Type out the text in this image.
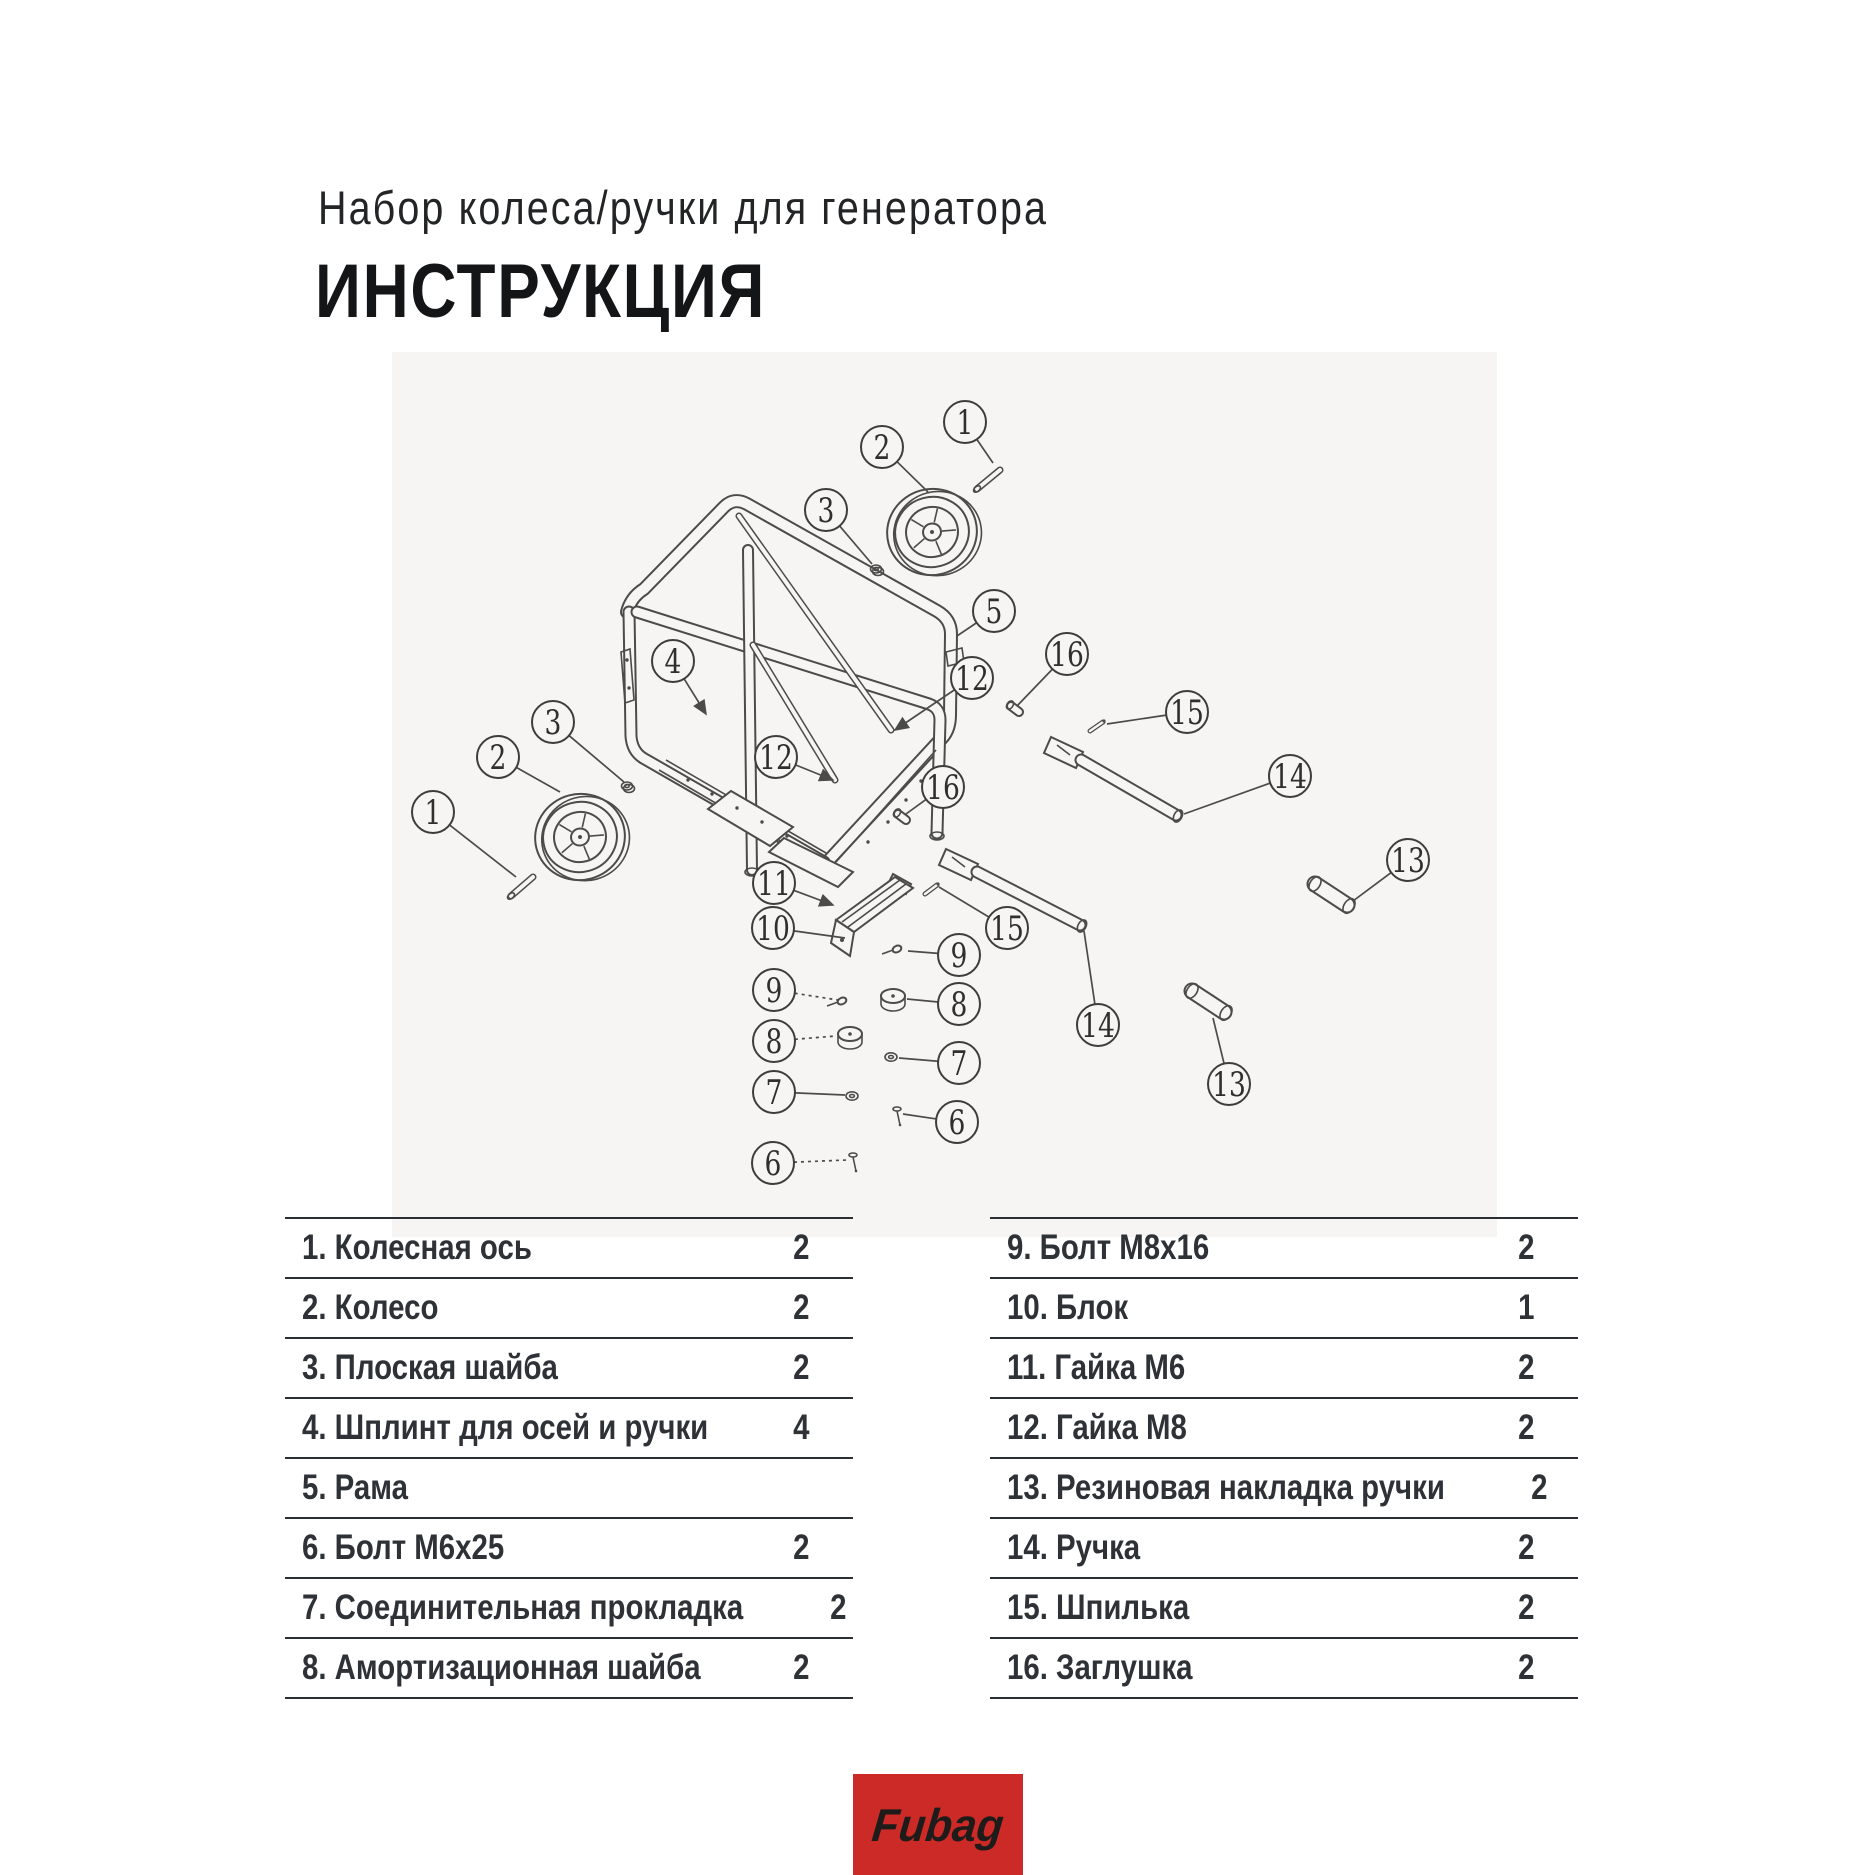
Набор колеса/ручки для генератора
ИНСТРУКЦИЯ
1
2
3
4
5
16
15
12
12
16
3
2
1
14
13
11
10	15
14
13
9
9	8
8
7
7
6
6
1. Колесная ось	2
2. Колесо	2
3. Плоская шайба	2
4. Шплинт для осей и ручки	4
5. Рама
6. Болт М6х25	2
7. Соединительная прокладка	2
8. Амортизационная шайба	2
9. Болт М8х16	2
10. Блок	1
11. Гайка М6	2
12. Гайка М8	2
13. Резиновая накладка ручки	2
14. Ручка	2
15. Шпилька	2
16. Заглушка	2
Fubag
